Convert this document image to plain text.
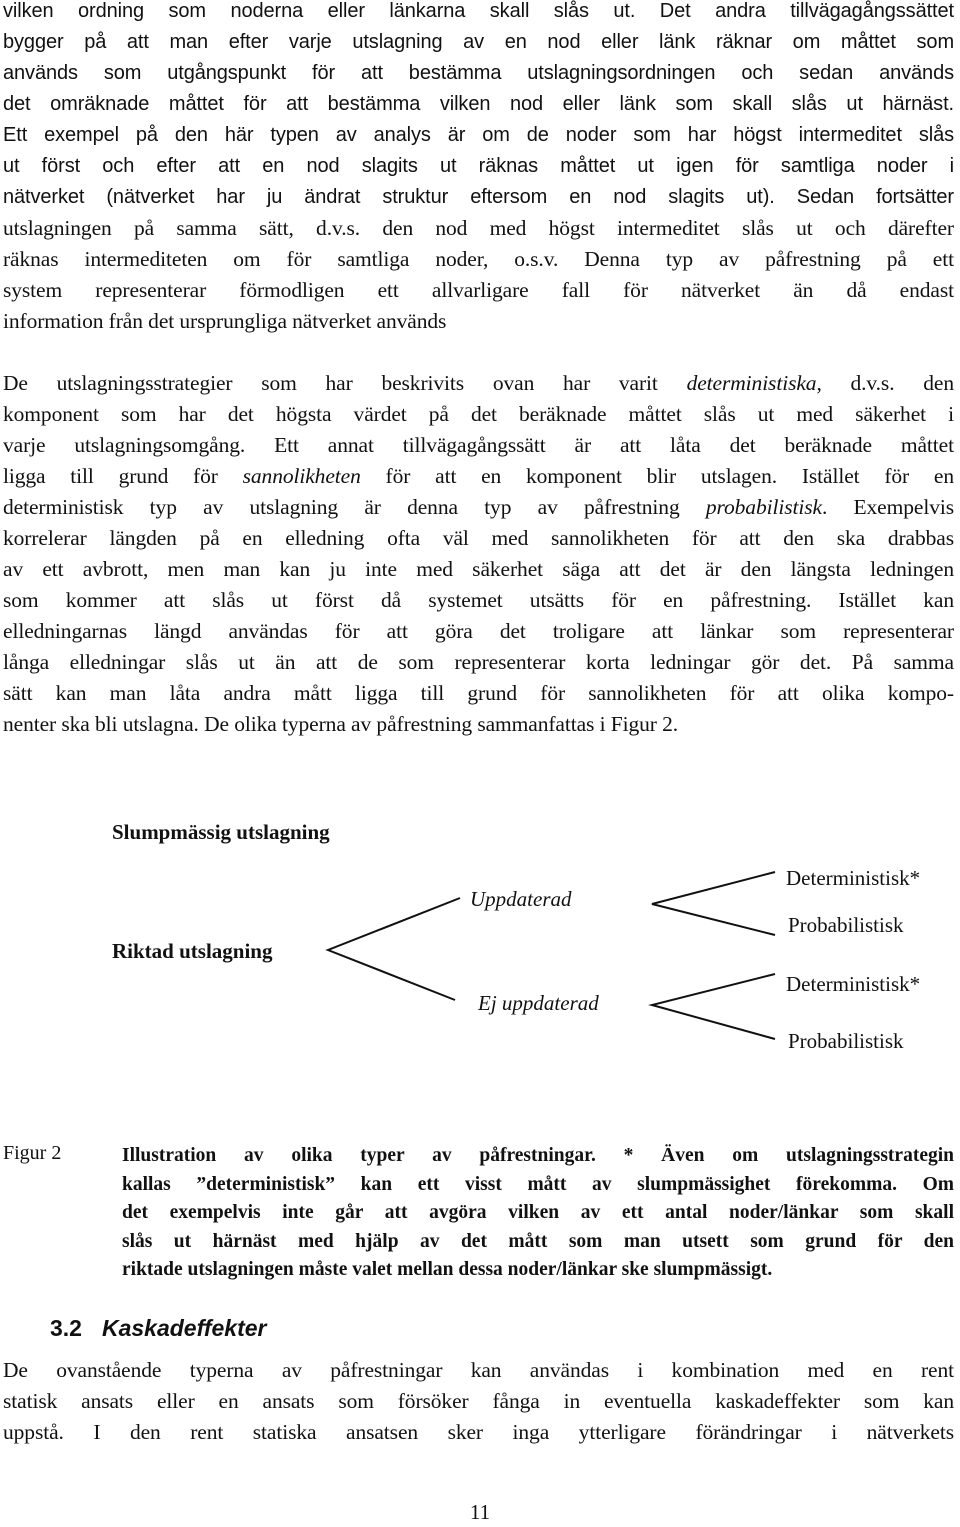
vilken ordning som noderna eller länkarna skall slås ut. Det andra tillvägagångssättet
bygger på att man efter varje utslagning av en nod eller länk räknar om måttet som
används som utgångspunkt för att bestämma utslagningsordningen och sedan används
det omräknade måttet för att bestämma vilken nod eller länk som skall slås ut härnäst.
Ett exempel på den här typen av analys är om de noder som har högst intermeditet slås
ut först och efter att en nod slagits ut räknas måttet ut igen för samtliga noder i
nätverket (nätverket har ju ändrat struktur eftersom en nod slagits ut). Sedan fortsätter
utslagningen på samma sätt, d.v.s. den nod med högst intermeditet slås ut och därefter
räknas intermediteten om för samtliga noder, o.s.v. Denna typ av påfrestning på ett
system representerar förmodligen ett allvarligare fall för nätverket än då endast
information från det ursprungliga nätverket används
De utslagningsstrategier som har beskrivits ovan har varit deterministiska, d.v.s. den
komponent som har det högsta värdet på det beräknade måttet slås ut med säkerhet i
varje utslagningsomgång. Ett annat tillvägagångssätt är att låta det beräknade måttet
ligga till grund för sannolikheten för att en komponent blir utslagen. Istället för en
deterministisk typ av utslagning är denna typ av påfrestning probabilistisk. Exempelvis
korrelerar längden på en elledning ofta väl med sannolikheten för att den ska drabbas
av ett avbrott, men man kan ju inte med säkerhet säga att det är den längsta ledningen
som kommer att slås ut först då systemet utsätts för en påfrestning. Istället kan
elledningarnas längd användas för att göra det troligare att länkar som representerar
långa elledningar slås ut än att de som representerar korta ledningar gör det. På samma
sätt kan man låta andra mått ligga till grund för sannolikheten för att olika kompo-
nenter ska bli utslagna. De olika typerna av påfrestning sammanfattas i Figur 2.
Slumpmässig utslagning
Riktad utslagning
Uppdaterad
Ej uppdaterad
Deterministisk*
Probabilistisk
Deterministisk*
Probabilistisk
Figur 2	Illustration av olika typer av påfrestningar. * Även om utslagningsstrategin
kallas ”deterministisk” kan ett visst mått av slumpmässighet förekomma. Om
det exempelvis inte går att avgöra vilken av ett antal noder/länkar som skall
slås ut härnäst med hjälp av det mått som man utsett som grund för den
riktade utslagningen måste valet mellan dessa noder/länkar ske slumpmässigt.
3.2 Kaskadeffekter
De ovanstående typerna av påfrestningar kan användas i kombination med en rent
statisk ansats eller en ansats som försöker fånga in eventuella kaskadeffekter som kan
uppstå. I den rent statiska ansatsen sker inga ytterligare förändringar i nätverkets
11
